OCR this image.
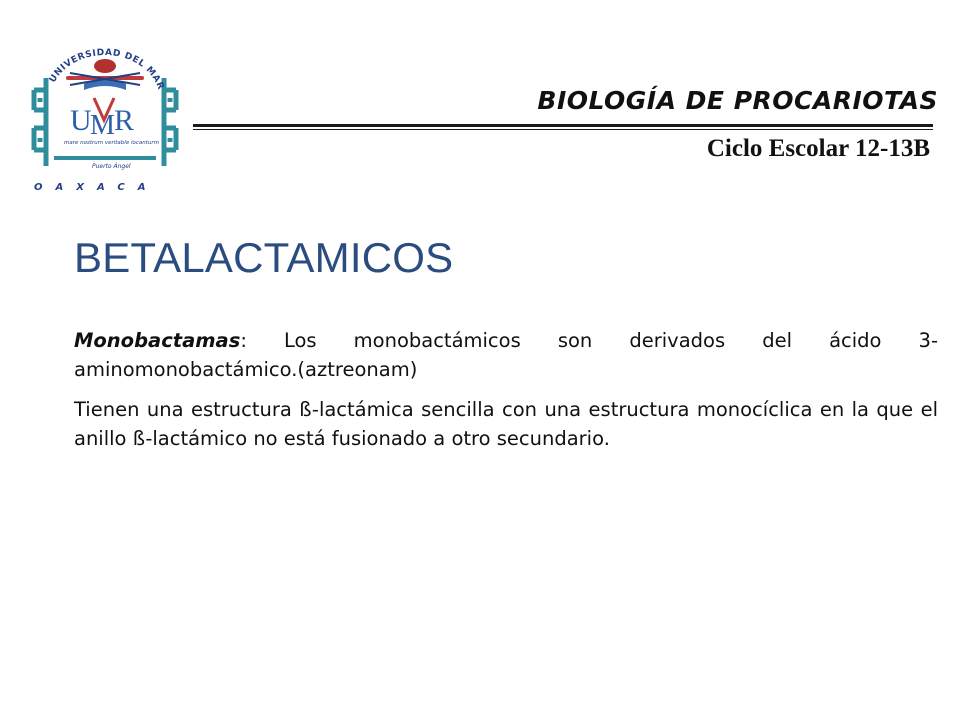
UNIVERSIDAD DEL MAR
U
M R
mare nostrum veritable locanturm
Puerto Ángel
OAXACA
BIOLOGÍA DE PROCARIOTAS
Ciclo Escolar 12-13B
BETALACTAMICOS

Monobactamas: Los monobactámicos son derivados del ácido 3-aminomonobactámico.(aztreonam)

Tienen una estructura ß-lactámica sencilla con una estructura monocíclica en la que el anillo ß-lactámico no está fusionado a otro secundario.
